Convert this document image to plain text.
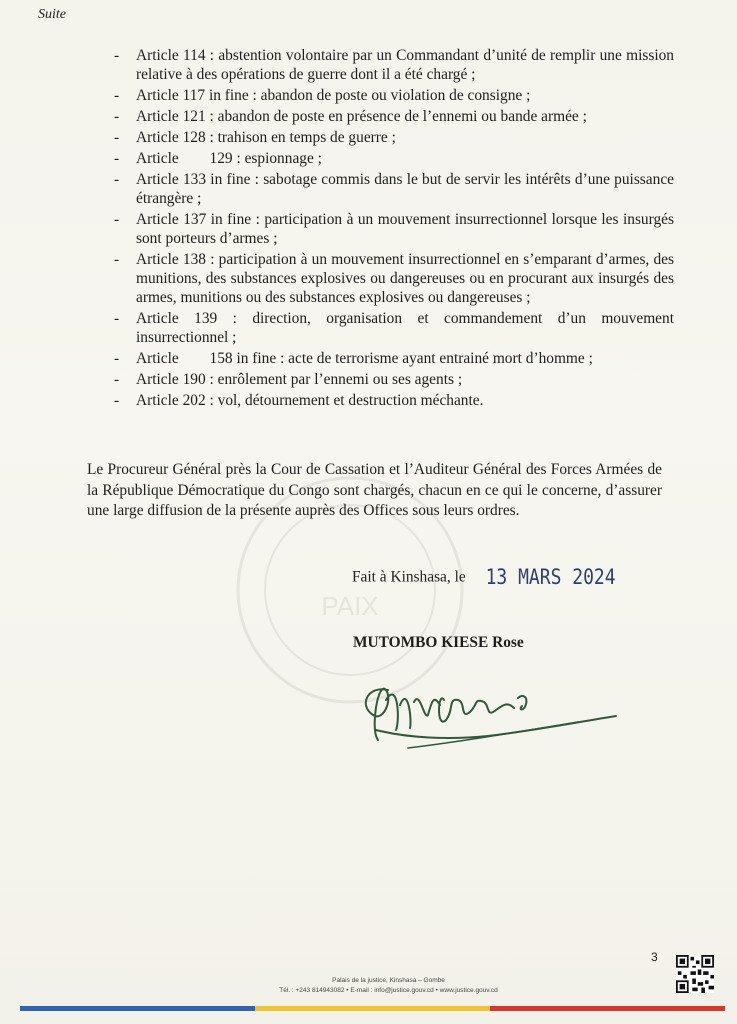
PAIX
Suite
- Article 114 : abstention volontaire par un Commandant d’unité de remplir une mission relative à des opérations de guerre dont il a été chargé ;
- Article 117 in fine : abandon de poste ou violation de consigne ;
- Article 121 : abandon de poste en présence de l’ennemi ou bande armée ;
- Article 128 : trahison en temps de guerre ;
- Article        129 : espionnage ;
- Article 133 in fine : sabotage commis dans le but de servir les intérêts d’une puissance étrangère ;
- Article 137 in fine : participation à un mouvement insurrectionnel lorsque les insurgés sont porteurs d’armes ;
- Article 138 : participation à un mouvement insurrectionnel en s’emparant d’armes, des munitions, des substances explosives ou dangereuses ou en procurant aux insurgés des armes, munitions ou des substances explosives ou dangereuses ;
- Article 139 : direction, organisation et commandement d’un mouvement insurrectionnel ;
- Article        158 in fine : acte de terrorisme ayant entrainé mort d’homme ;
- Article 190 : enrôlement par l’ennemi ou ses agents ;
- Article 202 : vol, détournement et destruction méchante.

Le Procureur Général près la Cour de Cassation et l’Auditeur Général des Forces Armées de la République Démocratique du Congo sont chargés, chacun en ce qui le concerne, d’assurer une large diffusion de la présente auprès des Offices sous leurs ordres.

Fait à Kinshasa, le 13 MARS 2024
MUTOMBO KIESE Rose
3
Palais de la justice, Kinshasa – Gombe
Tél. : +243 814943082 • E-mail : info@justice.gouv.cd • www.justice.gouv.cd
